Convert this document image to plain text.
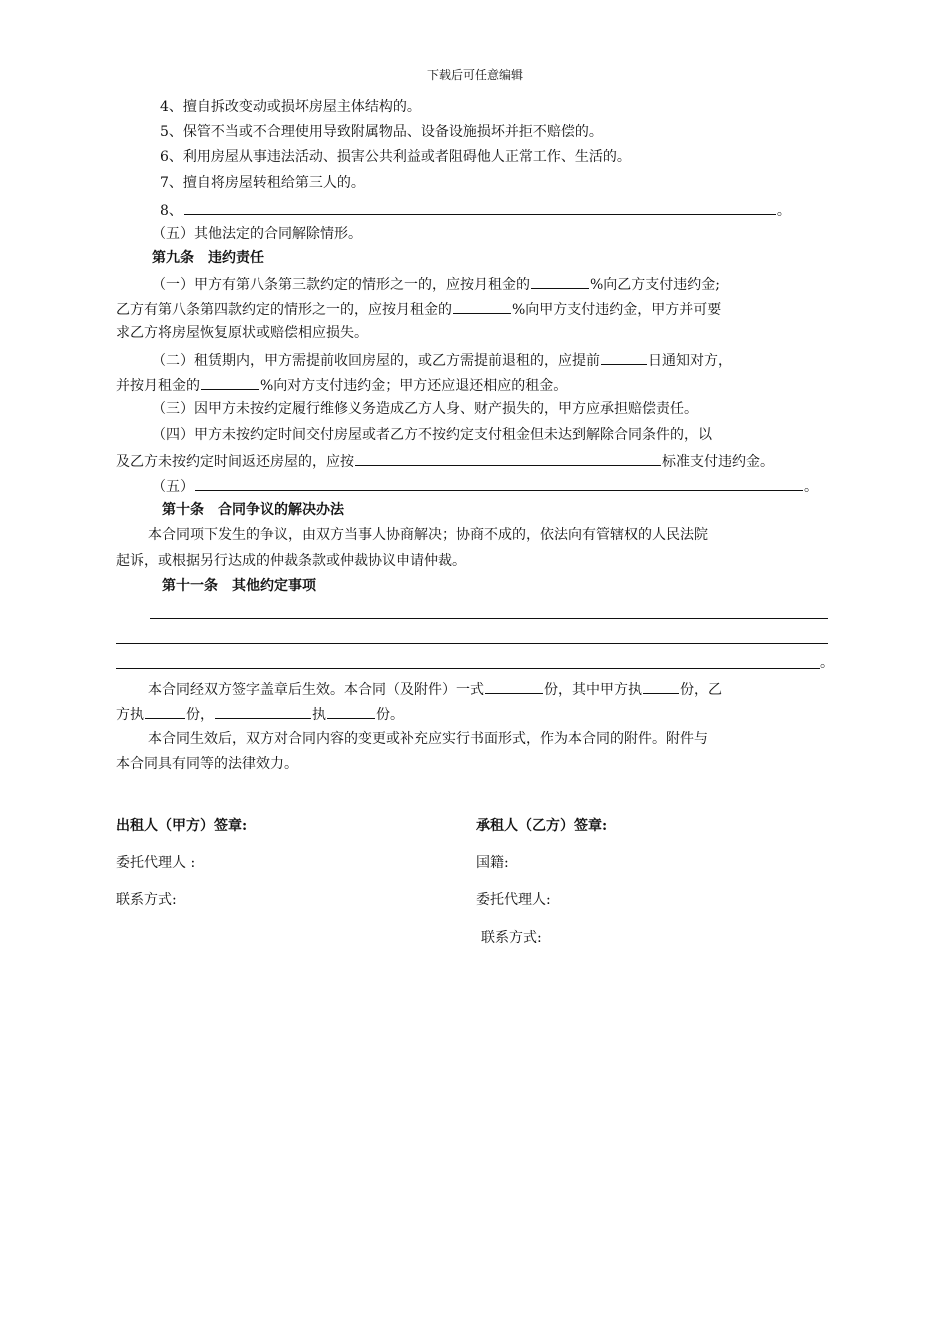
下载后可任意编辑
4、擅自拆改变动或损坏房屋主体结构的。
5、保管不当或不合理使用导致附属物品、设备设施损坏并拒不赔偿的。
6、利用房屋从事违法活动、损害公共利益或者阻碍他人正常工作、生活的。
7、擅自将房屋转租给第三人的。
8、	。
（五）其他法定的合同解除情形。
第九条　违约责任
（一）甲方有第八条第三款约定的情形之一的，应按月租金的	%向乙方支付违约金;
乙方有第八条第四款约定的情形之一的，应按月租金的	%向甲方支付违约金，甲方并可要
求乙方将房屋恢复原状或赔偿相应损失。
（二）租赁期内，甲方需提前收回房屋的，或乙方需提前退租的，应提前	日通知对方，
并按月租金的	%向对方支付违约金；甲方还应退还相应的租金。
（三）因甲方未按约定履行维修义务造成乙方人身、财产损失的，甲方应承担赔偿责任。
（四）甲方未按约定时间交付房屋或者乙方不按约定支付租金但未达到解除合同条件的，以
及乙方未按约定时间返还房屋的，应按	标准支付违约金。
（五）	。
第十条　合同争议的解决办法
本合同项下发生的争议，由双方当事人协商解决；协商不成的，依法向有管辖权的人民法院
起诉，或根据另行达成的仲裁条款或仲裁协议申请仲裁。
第十一条　其他约定事项
。
本合同经双方签字盖章后生效。本合同（及附件）一式	份，其中甲方执	份，乙
方执	份，	执	份。
本合同生效后，双方对合同内容的变更或补充应实行书面形式，作为本合同的附件。附件与
本合同具有同等的法律效力。
出租人（甲方）签章:
委托代理人 :
联系方式:
承租人（乙方）签章:
国籍:
委托代理人:
联系方式:
